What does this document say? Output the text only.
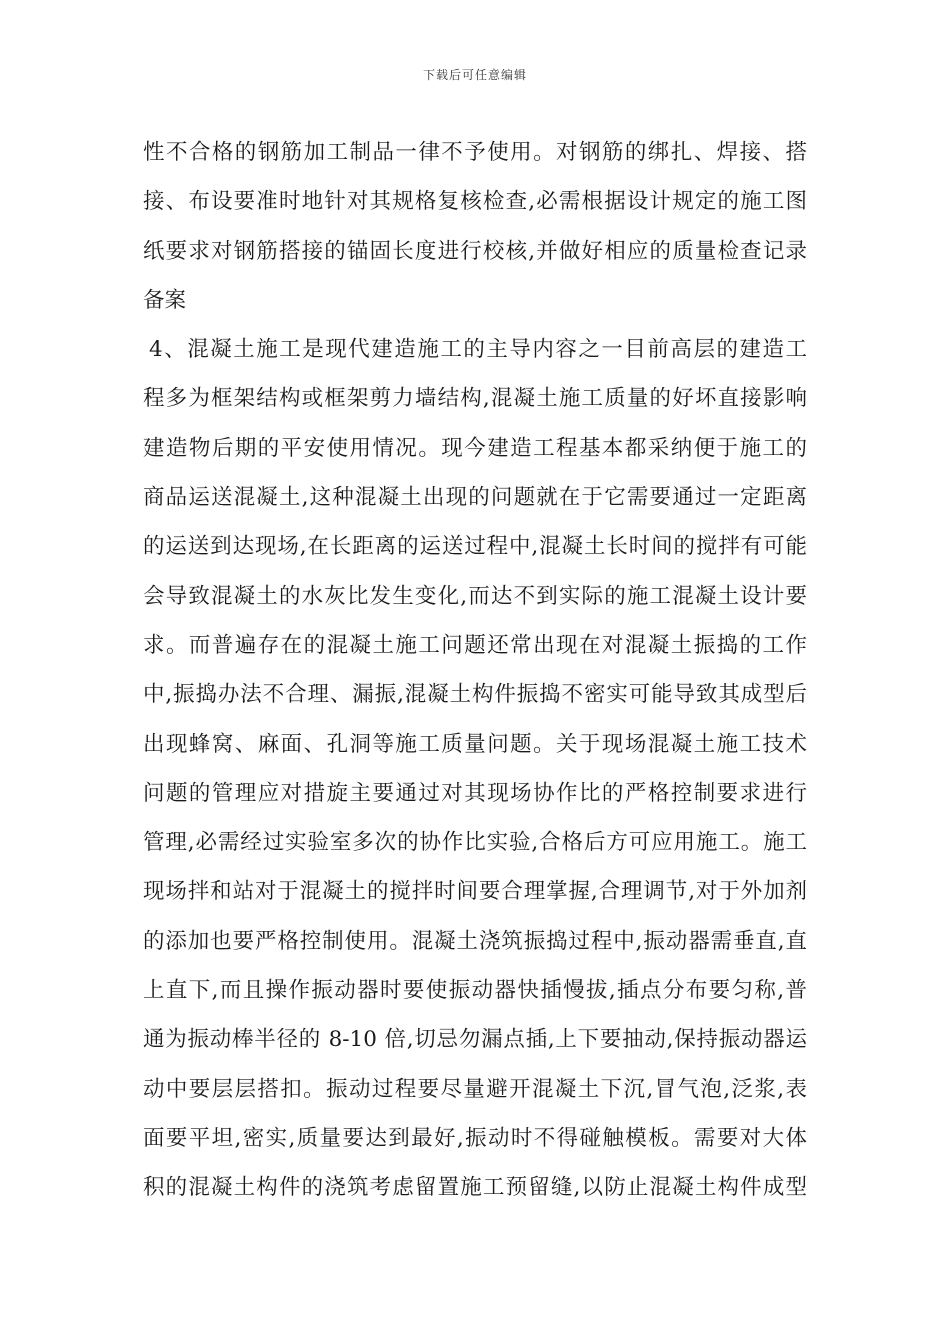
下载后可任意编辑
性不合格的钢筋加工制品一律不予使用。对钢筋的绑扎、焊接、搭
接、布设要准时地针对其规格复核检查,必需根据设计规定的施工图
纸要求对钢筋搭接的锚固长度进行校核,并做好相应的质量检查记录
备案
4、混凝土施工是现代建造施工的主导内容之一目前高层的建造工
程多为框架结构或框架剪力墙结构,混凝土施工质量的好坏直接影响
建造物后期的平安使用情况。现今建造工程基本都采纳便于施工的
商品运送混凝土,这种混凝土出现的问题就在于它需要通过一定距离
的运送到达现场,在长距离的运送过程中,混凝土长时间的搅拌有可能
会导致混凝土的水灰比发生变化,而达不到实际的施工混凝土设计要
求。而普遍存在的混凝土施工问题还常出现在对混凝土振捣的工作
中,振捣办法不合理、漏振,混凝土构件振捣不密实可能导致其成型后
出现蜂窝、麻面、孔洞等施工质量问题。关于现场混凝土施工技术
问题的管理应对措旋主要通过对其现场协作比的严格控制要求进行
管理,必需经过实验室多次的协作比实验,合格后方可应用施工。施工
现场拌和站对于混凝土的搅拌时间要合理掌握,合理调节,对于外加剂
的添加也要严格控制使用。混凝土浇筑振捣过程中,振动器需垂直,直
上直下,而且操作振动器时要使振动器快插慢拔,插点分布要匀称,普
通为振动棒半径的 8-10 倍,切忌勿漏点插,上下要抽动,保持振动器运
动中要层层搭扣。振动过程要尽量避开混凝土下沉,冒气泡,泛浆,表
面要平坦,密实,质量要达到最好,振动时不得碰触模板。需要对大体
积的混凝土构件的浇筑考虑留置施工预留缝,以防止混凝土构件成型
